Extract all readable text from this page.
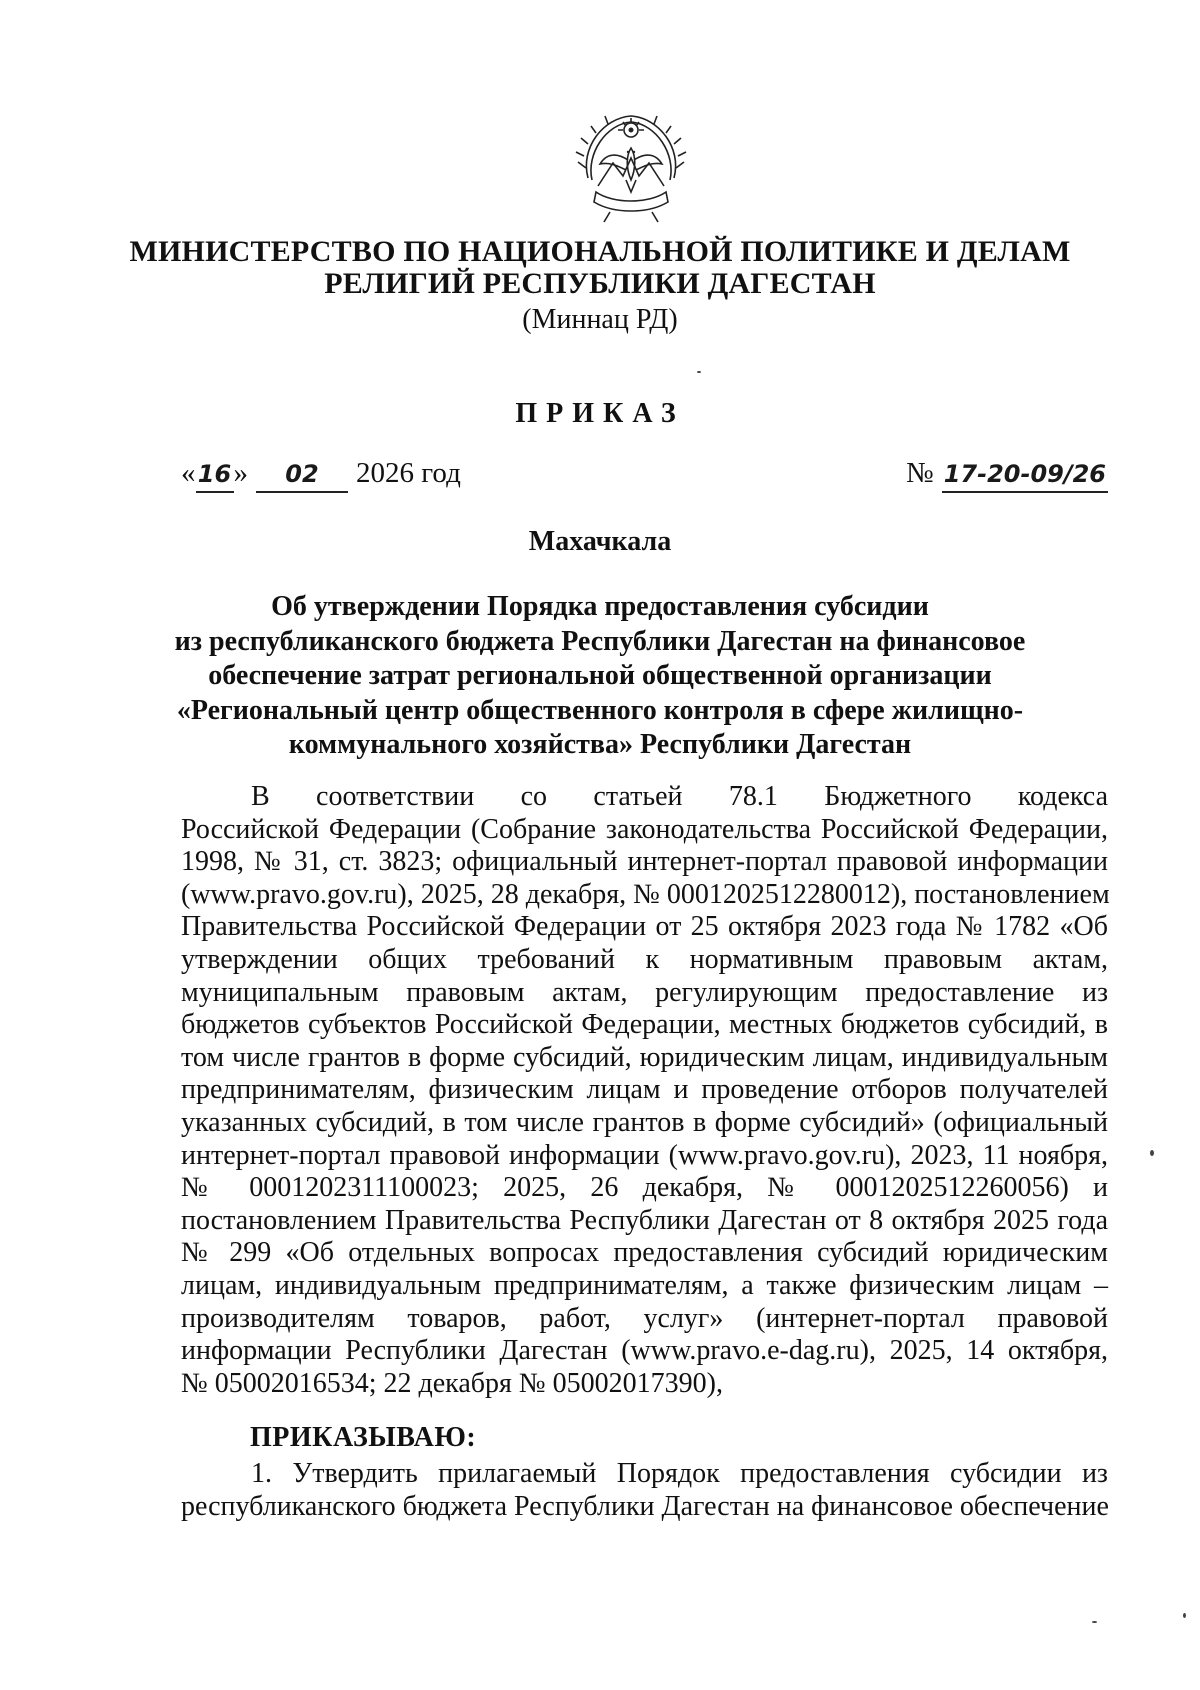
МИНИСТЕРСТВО ПО НАЦИОНАЛЬНОЙ ПОЛИТИКЕ И ДЕЛАМ
РЕЛИГИЙ РЕСПУБЛИКИ ДАГЕСТАН
(Миннац РД)
ПРИКАЗ
«16» 02 2026 год	№ 17-20-09/26
Махачкала
Об утверждении Порядка предоставления субсидии
из республиканского бюджета Республики Дагестан на финансовое
обеспечение затрат региональной общественной организации
«Региональный центр общественного контроля в сфере жилищно-
коммунального хозяйства» Республики Дагестан
В соответствии со статьей 78.1 Бюджетного кодекса
Российской Федерации (Собрание законодательства Российской Федерации,
1998, № 31, ст. 3823; официальный интернет-портал правовой информации
(www.pravo.gov.ru), 2025, 28 декабря, № 0001202512280012), постановлением
Правительства Российской Федерации от 25 октября 2023 года № 1782 «Об
утверждении общих требований к нормативным правовым актам,
муниципальным правовым актам, регулирующим предоставление из
бюджетов субъектов Российской Федерации, местных бюджетов субсидий, в
том числе грантов в форме субсидий, юридическим лицам, индивидуальным
предпринимателям, физическим лицам и проведение отборов получателей
указанных субсидий, в том числе грантов в форме субсидий» (официальный
интернет-портал правовой информации (www.pravo.gov.ru), 2023, 11 ноября,
№ 0001202311100023; 2025, 26 декабря, № 0001202512260056) и
постановлением Правительства Республики Дагестан от 8 октября 2025 года
№ 299 «Об отдельных вопросах предоставления субсидий юридическим
лицам, индивидуальным предпринимателям, а также физическим лицам –
производителям товаров, работ, услуг» (интернет-портал правовой
информации Республики Дагестан (www.pravo.e-dag.ru), 2025, 14 октября,
№ 05002016534; 22 декабря № 05002017390),
ПРИКАЗЫВАЮ:
1. Утвердить прилагаемый Порядок предоставления субсидии из
республиканского бюджета Республики Дагестан на финансовое обеспечение
